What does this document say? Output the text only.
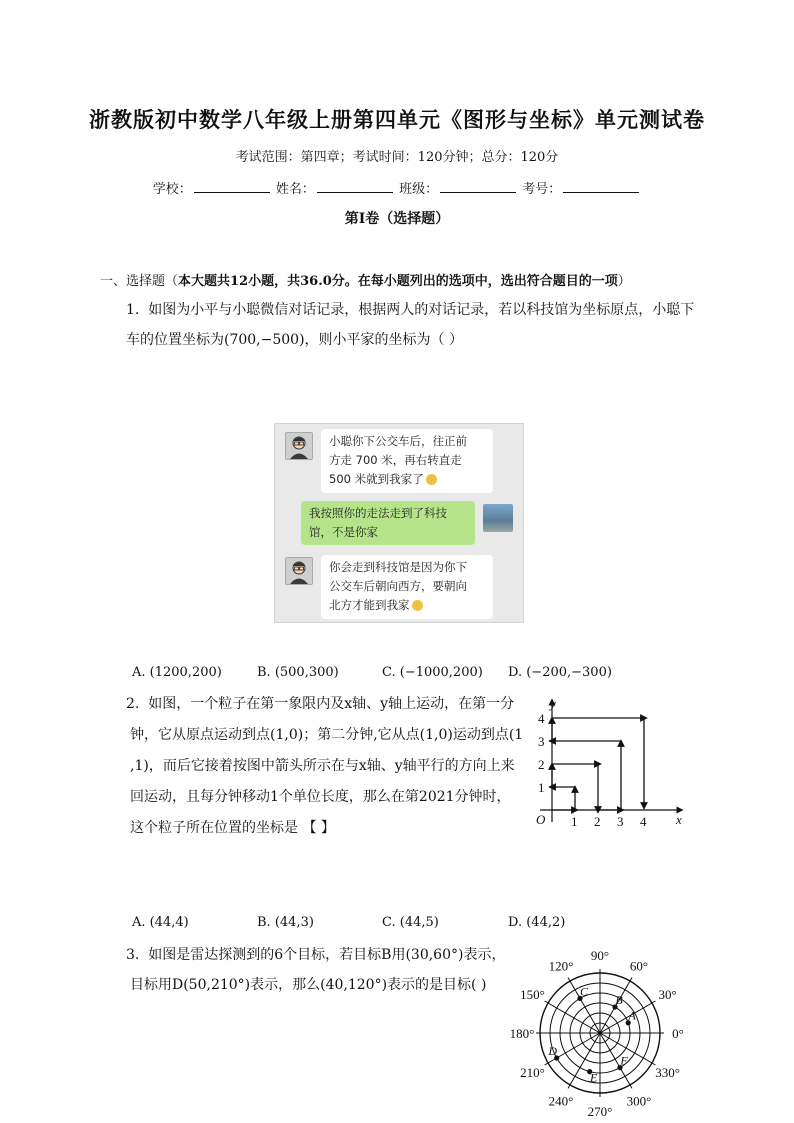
浙教版初中数学八年级上册第四单元《图形与坐标》单元测试卷
考试范围：第四章；考试时间：120分钟；总分：120分
学校：	姓名：	班级：	考号：
第I卷（选择题）
一、选择题（本大题共12小题，共36.0分。在每小题列出的选项中，选出符合题目的一项）
1. 如图为小平与小聪微信对话记录，根据两人的对话记录，若以科技馆为坐标原点，小聪下
车的位置坐标为(700,−500)，则小平家的坐标为（ ）
小聪你下公交车后，往正前
方走 700 米，再右转直走
500 米就到我家了
我按照你的走法走到了科技
馆，不是你家
你会走到科技馆是因为你下
公交车后朝向西方，要朝向
北方才能到我家
A. (1200,200)	B. (500,300)	C. (−1000,200) D. (−200,−300)
2. 如图，一个粒子在第一象限内及x轴、y轴上运动，在第一分
钟，它从原点运动到点(1,0)；第二分钟,它从点(1,0)运动到点(1
,1)，而后它接着按图中箭头所示在与x轴、y轴平行的方向上来
回运动，且每分钟移动1个单位长度，那么在第2021分钟时，
这个粒子所在位置的坐标是 【 】
O	x
y
1 2 3 4
1
2
3
4
A. (44,4)	B. (44,3)	C. (44,5)	D. (44,2)
3. 如图是雷达探测到的6个目标，若目标B用(30,60°)表示，
目标用D(50,210°)表示，那么(40,120°)表示的是目标( )
0°
30°
60°
90°
120°
150°
180°
210°
240°
270°
300°
330°
A
B
C
D
E
F
